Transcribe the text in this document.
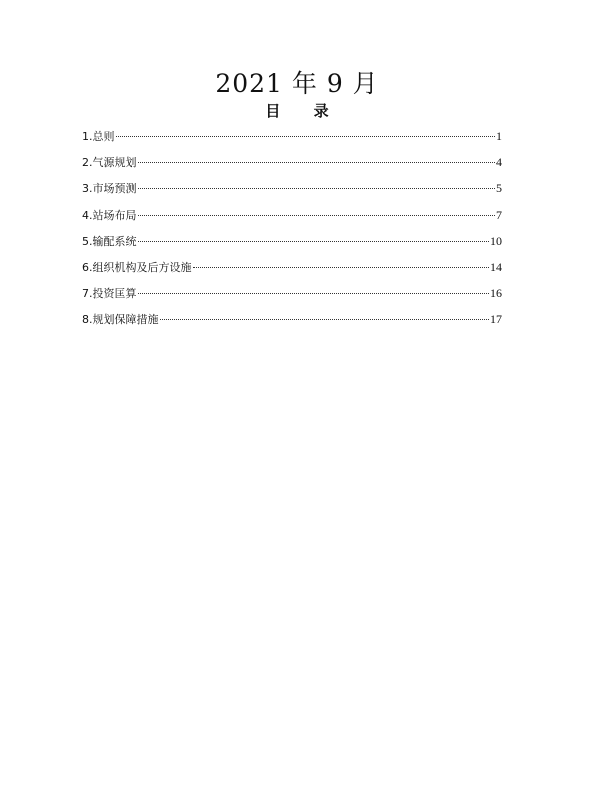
2021 年 9 月
目 录
1.总则	1
2.气源规划	4
3.市场预测	5
4.站场布局	7
5.输配系统	10
6.组织机构及后方设施	14
7.投资匡算	16
8.规划保障措施	17
